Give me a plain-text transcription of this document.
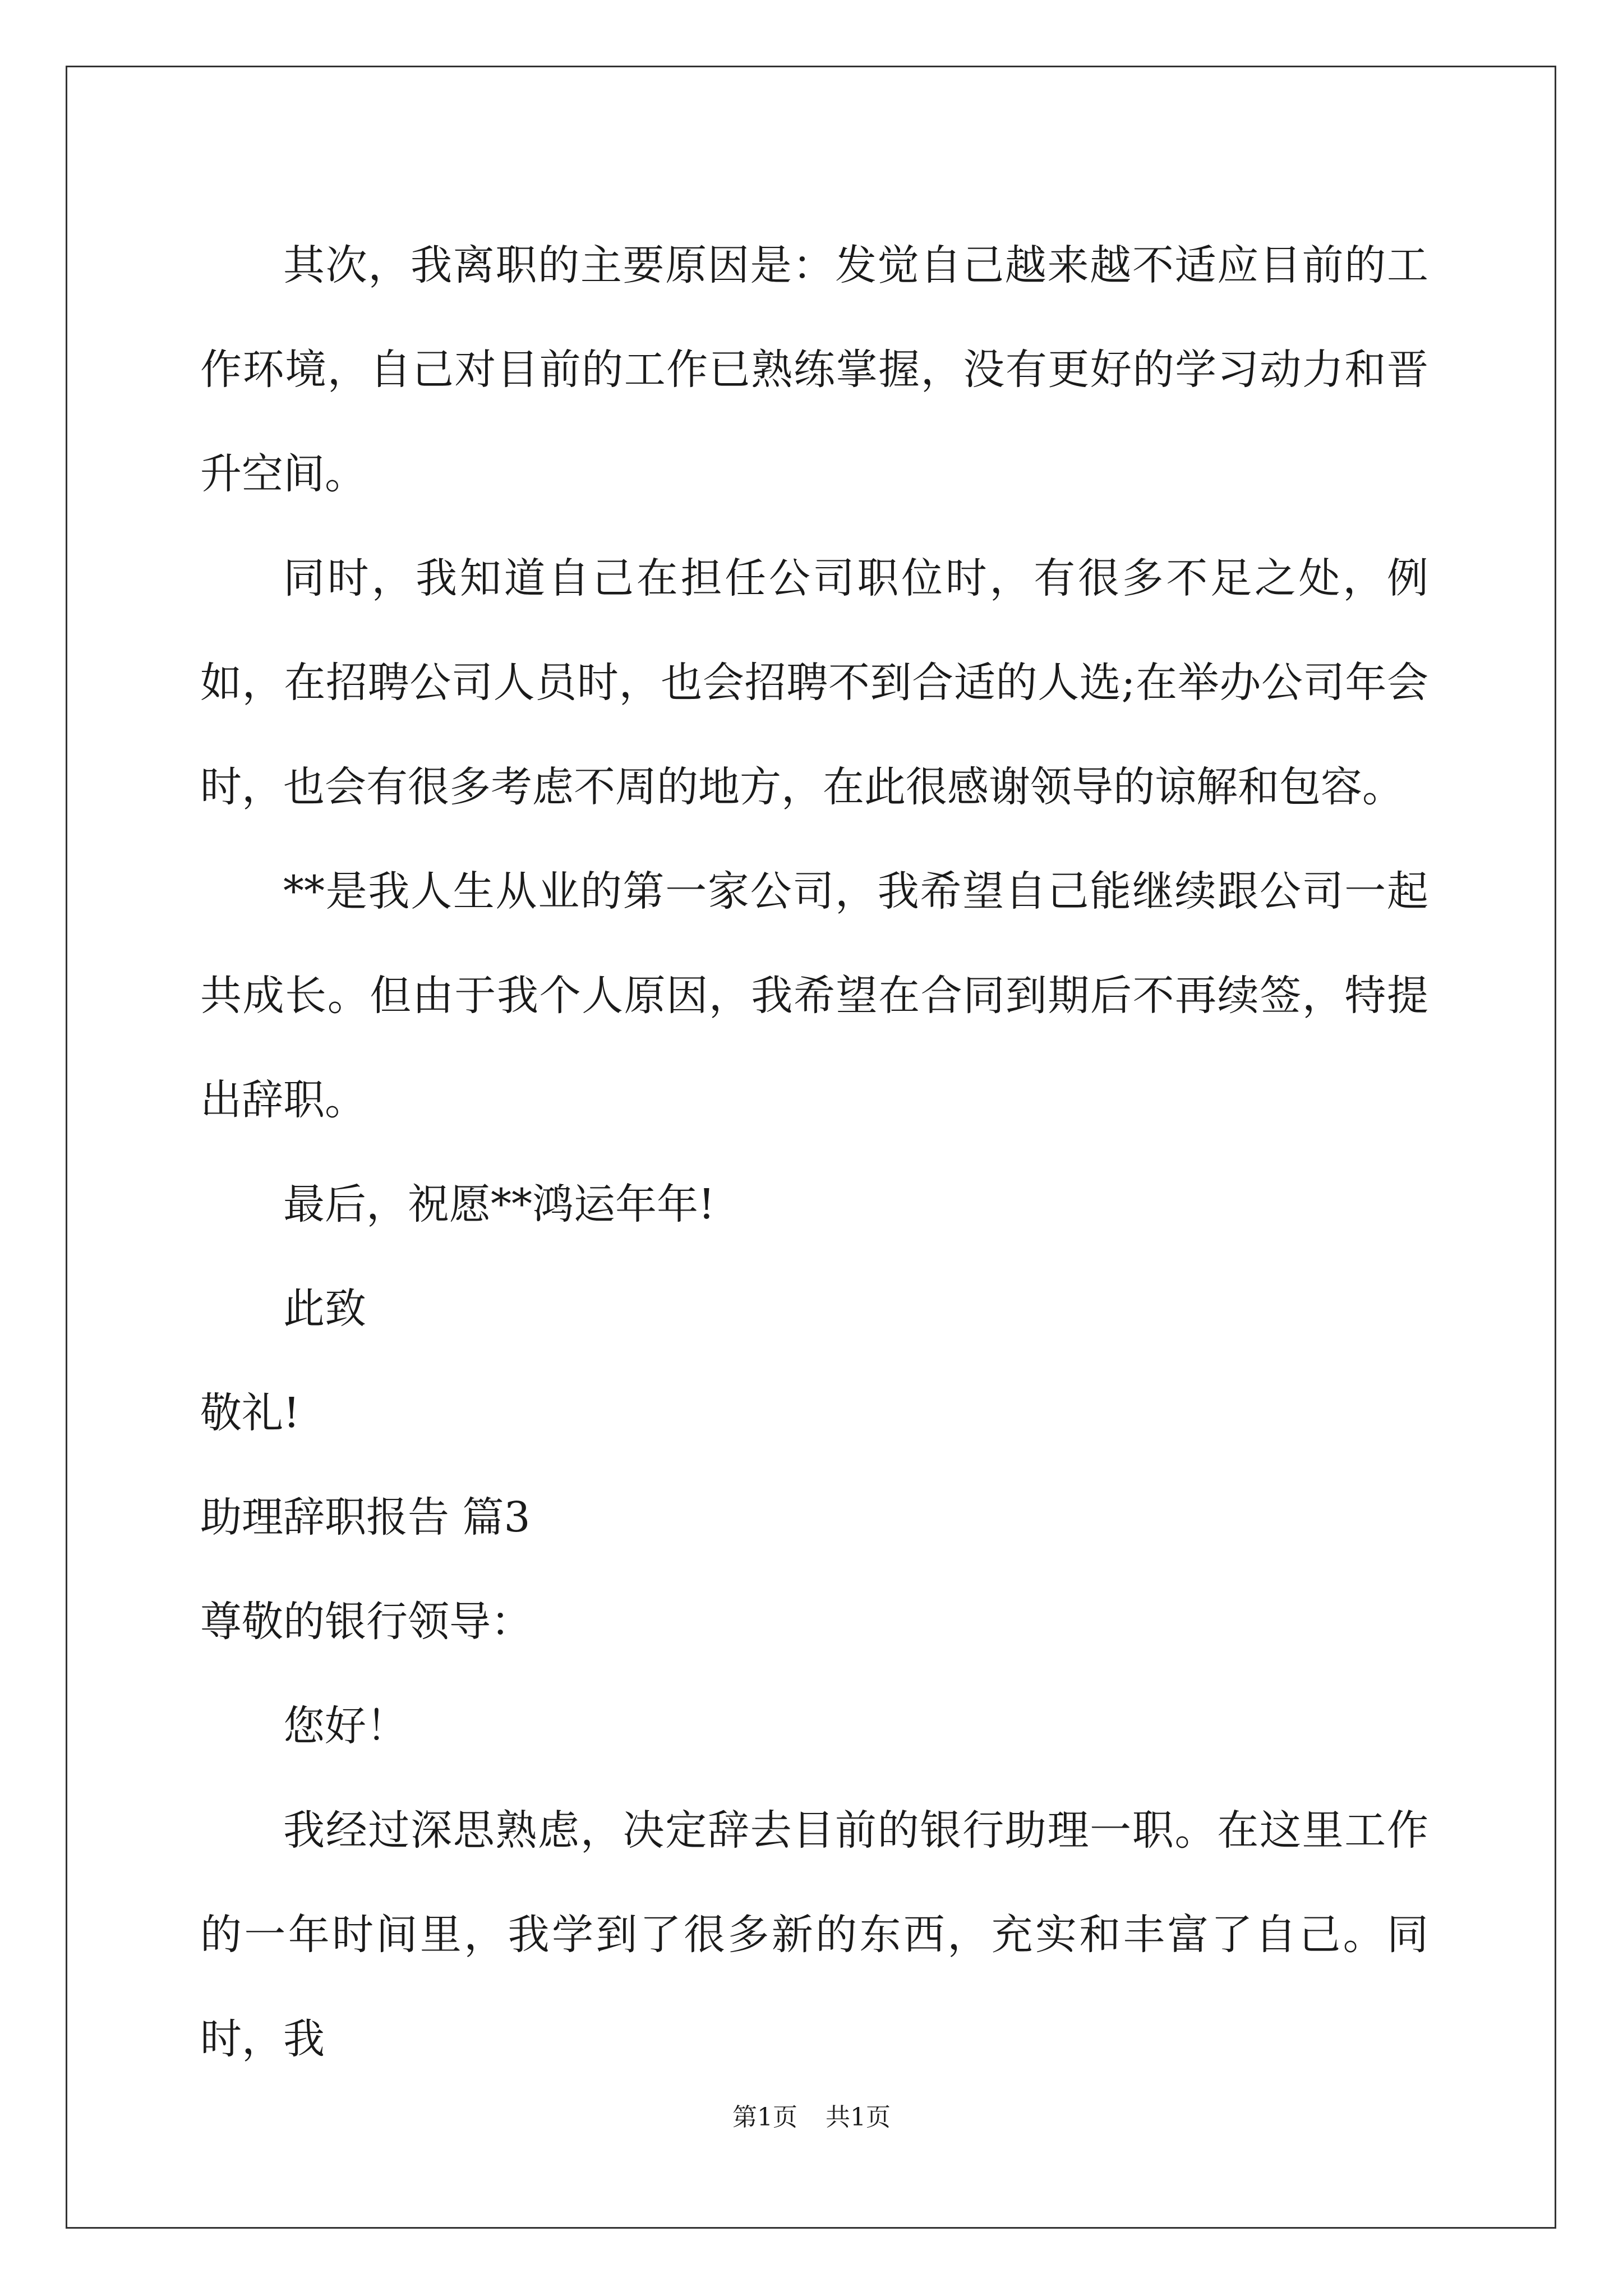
其次，我离职的主要原因是：发觉自己越来越不适应目前的工作环境，自己对目前的工作已熟练掌握，没有更好的学习动力和晋升空间。

同时，我知道自己在担任公司职位时，有很多不足之处，例如，在招聘公司人员时，也会招聘不到合适的人选;在举办公司年会时，也会有很多考虑不周的地方，在此很感谢领导的谅解和包容。

**是我人生从业的第一家公司，我希望自己能继续跟公司一起共成长。但由于我个人原因，我希望在合同到期后不再续签，特提出辞职。

最后，祝愿**鸿运年年!

此致

敬礼!

助理辞职报告 篇3

尊敬的银行领导：

您好！

我经过深思熟虑，决定辞去目前的银行助理一职。在这里工作的一年时间里，我学到了很多新的东西，充实和丰富了自己。同时，我

第1页 共1页
